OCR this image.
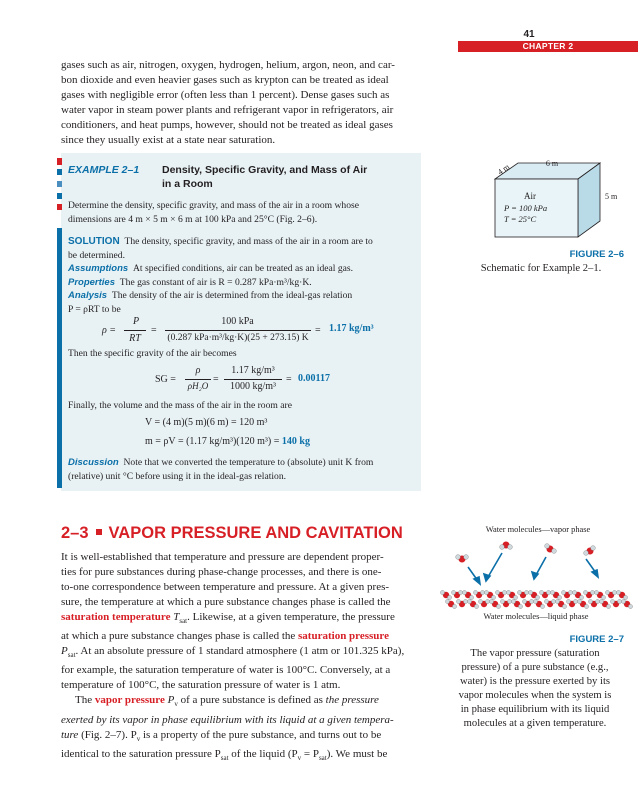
41
CHAPTER 2

gases such as air, nitrogen, oxygen, hydrogen, helium, argon, neon, and car-

bon dioxide and even heavier gases such as krypton can be treated as ideal

gases with negligible error (often less than 1 percent). Dense gases such as

water vapor in steam power plants and refrigerant vapor in refrigerators, air

conditioners, and heat pumps, however, should not be treated as ideal gases

since they usually exist at a state near saturation.

EXAMPLE 2–1 Density, Specific Gravity, and Mass of Air
in a Room
Determine the density, specific gravity, and mass of the air in a room whose
dimensions are 4 m × 5 m × 6 m at 100 kPa and 25°C (Fig. 2–6).
SOLUTION The density, specific gravity, and mass of the air in a room are to
be determined.
Assumptions At specified conditions, air can be treated as an ideal gas.
Properties The gas constant of air is R = 0.287 kPa·m³/kg·K.
Analysis The density of the air is determined from the ideal-gas relation
P = ρRT to be
ρ =
P
RT
=
100 kPa
(0.287 kPa·m³/kg·K)(25 + 273.15) K
= 1.17 kg/m³
Then the specific gravity of the air becomes
SG =
ρ
ρH₂O
=
1.17 kg/m³
1000 kg/m³
= 0.00117
Finally, the volume and the mass of the air in the room are
V = (4 m)(5 m)(6 m) = 120 m³
m = ρV = (1.17 kg/m³)(120 m³) = 140 kg
Discussion Note that we converted the temperature to (absolute) unit K from
(relative) unit °C before using it in the ideal-gas relation.
6 m
4 m
5 m
Air
P = 100 kPa
T = 25°C
FIGURE 2–6
Schematic for Example 2–1.
2–3 VAPOR PRESSURE AND CAVITATION

It is well-established that temperature and pressure are dependent proper-

ties for pure substances during phase-change processes, and there is one-

to-one correspondence between temperature and pressure. At a given pres-

sure, the temperature at which a pure substance changes phase is called the

saturation temperature $T_{sat}$. Likewise, at a given temperature, the pressure

at which a pure substance changes phase is called the saturation pressure

$P_{sat}$. At an absolute pressure of 1 standard atmosphere (1 atm or 101.325 kPa),

for example, the saturation temperature of water is 100°C. Conversely, at a

temperature of 100°C, the saturation pressure of water is 1 atm.

The vapor pressure $P_v$ of a pure substance is defined as the pressure

exerted by its vapor in phase equilibrium with its liquid at a given tempera-

ture (Fig. 2–7). $P_v$ is a property of the pure substance, and turns out to be

identical to the saturation pressure $P_{sat}$ of the liquid $(P_v = P_{sat})$. We must be

Water molecules—vapor phase
Water molecules—liquid phase
FIGURE 2–7
The vapor pressure (saturation
pressure) of a pure substance (e.g.,
water) is the pressure exerted by its
vapor molecules when the system is
in phase equilibrium with its liquid
molecules at a given temperature.
